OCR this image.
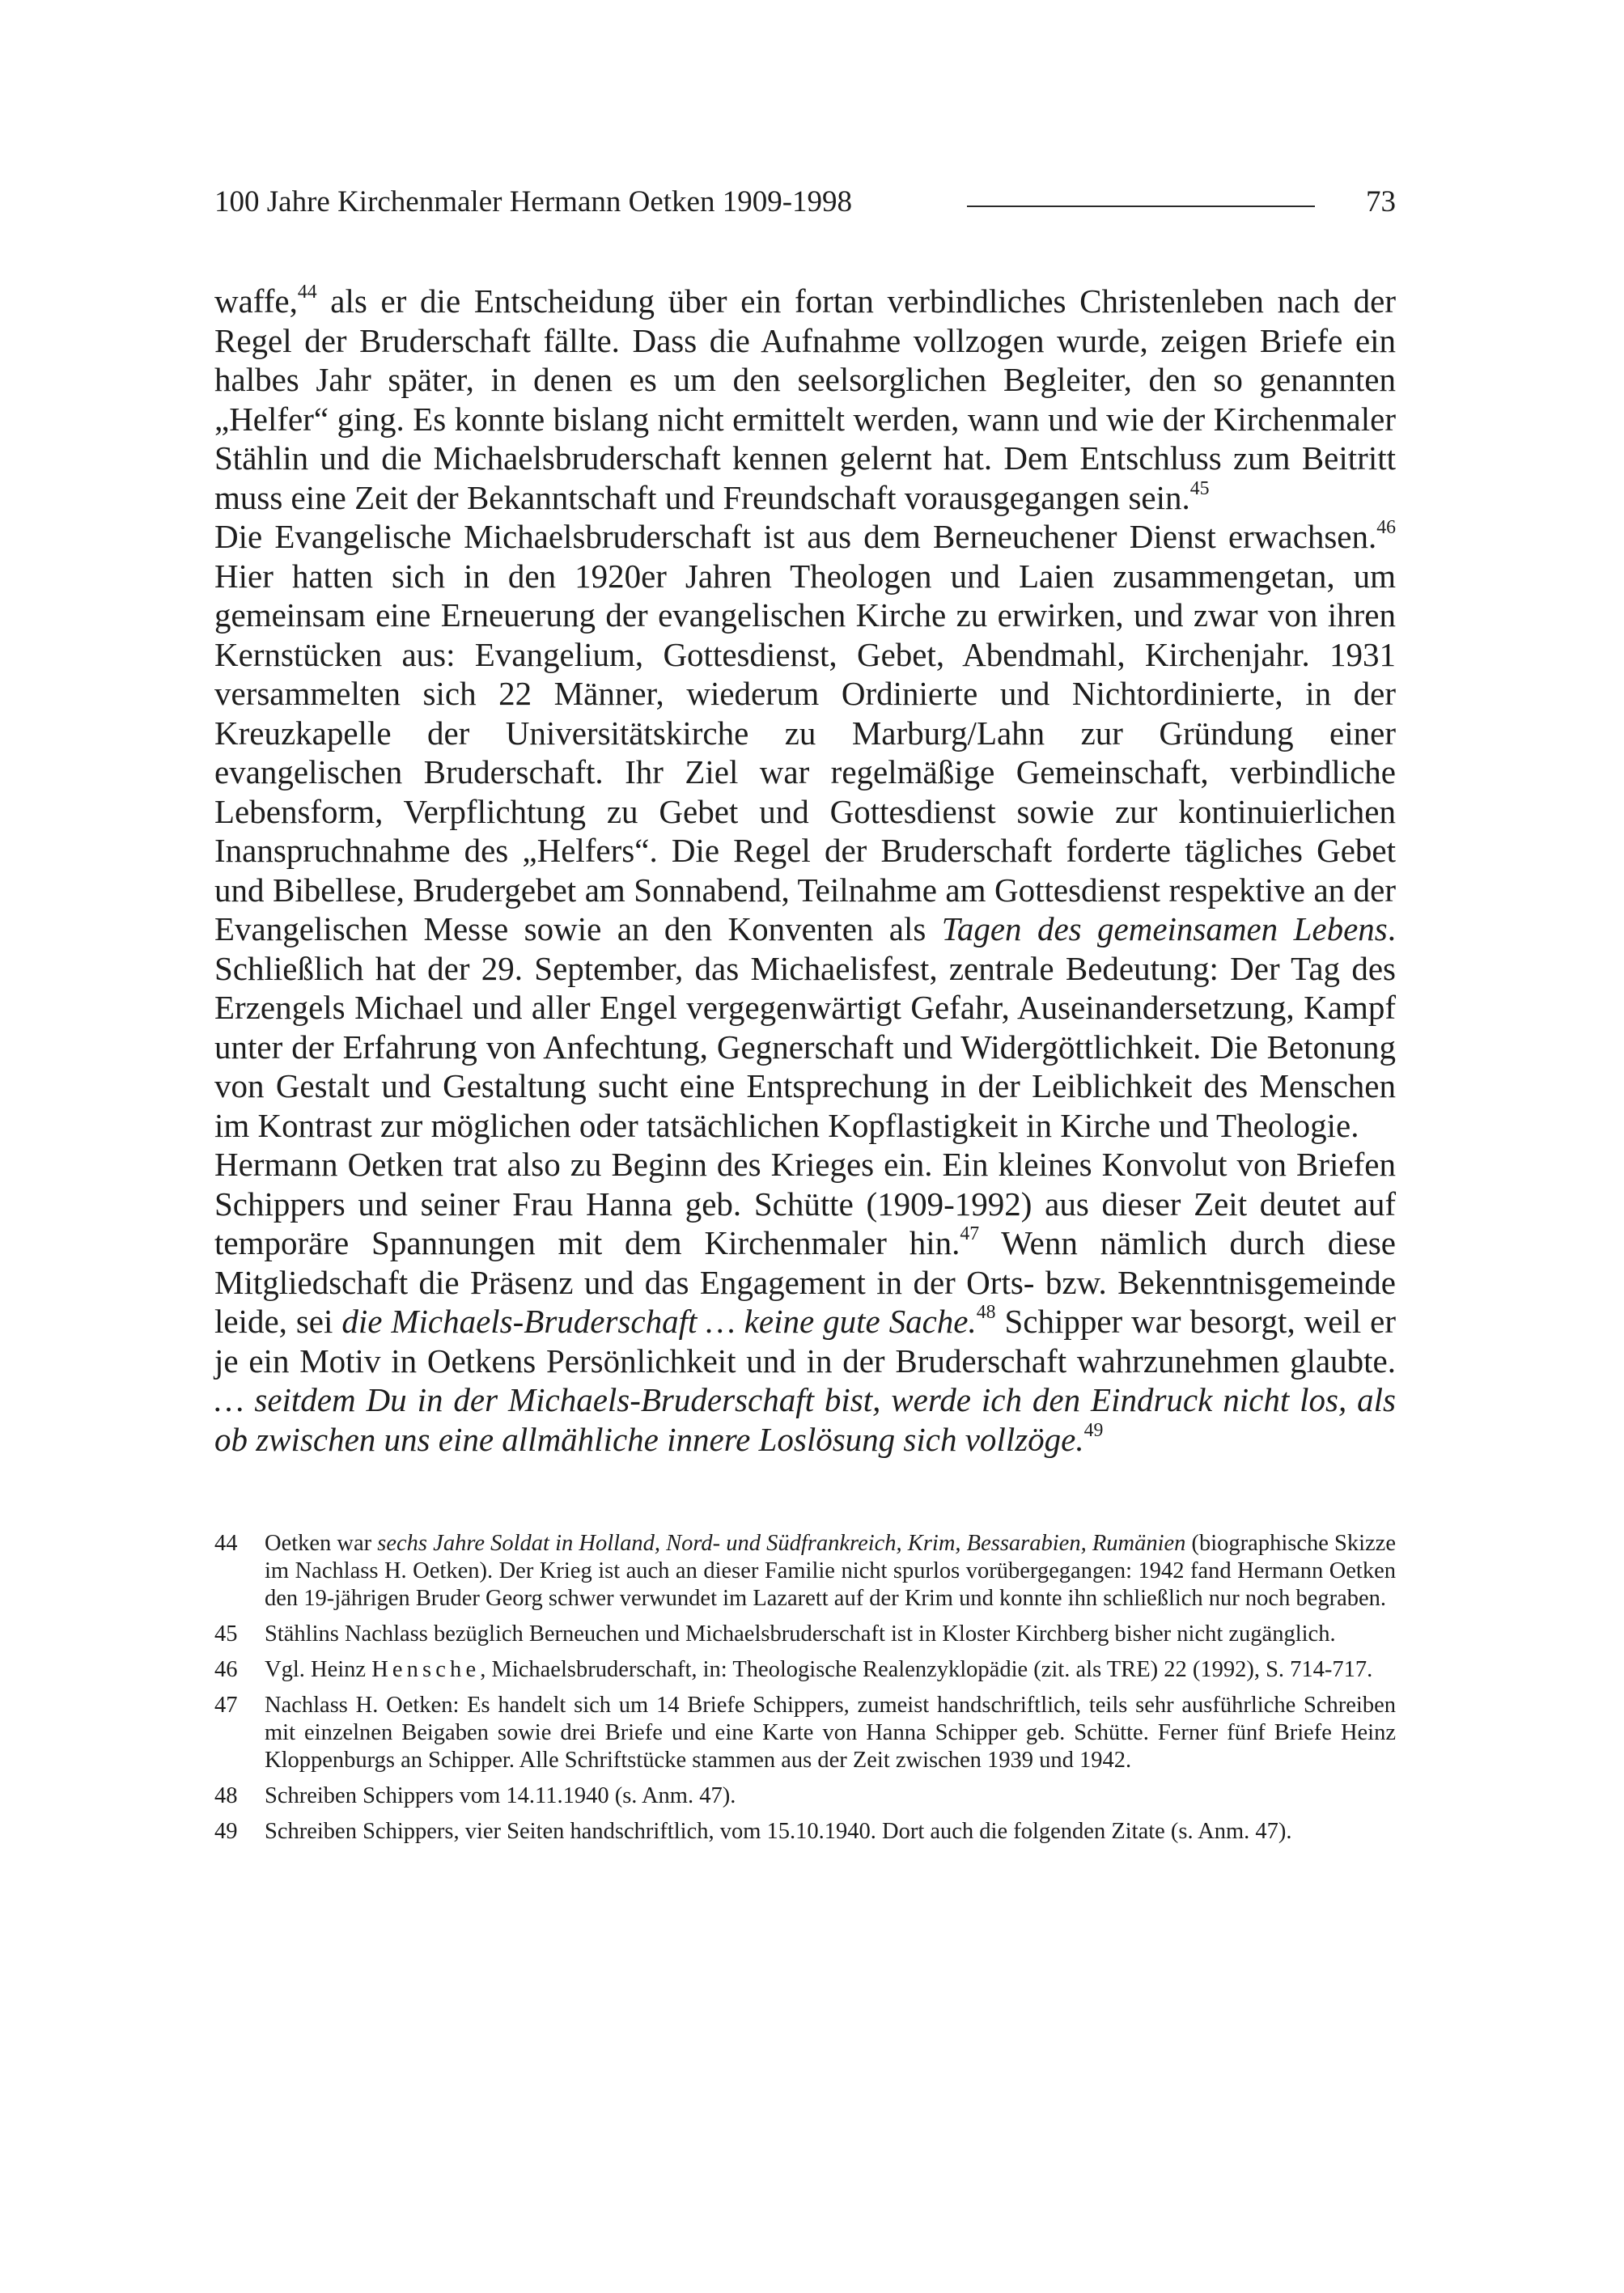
100 Jahre Kirchenmaler Hermann Oetken 1909-1998	73

waffe,$^{44}$ als er die Entscheidung über ein fortan verbindliches Christenleben nach der Regel der Bruderschaft fällte. Dass die Aufnahme vollzogen wurde, zeigen Briefe ein halbes Jahr später, in denen es um den seelsorglichen Begleiter, den so genannten „Helfer“ ging. Es konnte bislang nicht ermittelt werden, wann und wie der Kirchenmaler Stählin und die Michaelsbruderschaft kennen gelernt hat. Dem Entschluss zum Beitritt muss eine Zeit der Bekanntschaft und Freundschaft vorausgegangen sein.$^{45}$

Die Evangelische Michaelsbruderschaft ist aus dem Berneuchener Dienst erwachsen.$^{46}$ Hier hatten sich in den 1920er Jahren Theologen und Laien zusammengetan, um gemeinsam eine Erneuerung der evangelischen Kirche zu erwirken, und zwar von ihren Kernstücken aus: Evangelium, Gottesdienst, Gebet, Abendmahl, Kirchenjahr. 1931 versammelten sich 22 Männer, wiederum Ordinierte und Nichtordinierte, in der Kreuzkapelle der Universitätskirche zu Marburg/Lahn zur Gründung einer evangelischen Bruderschaft. Ihr Ziel war regelmäßige Gemeinschaft, verbindliche Lebensform, Verpflichtung zu Gebet und Gottesdienst sowie zur kontinuierlichen Inanspruchnahme des „Helfers“. Die Regel der Bruderschaft forderte tägliches Gebet und Bibellese, Brudergebet am Sonnabend, Teilnahme am Gottesdienst respektive an der Evangelischen Messe sowie an den Konventen als Tagen des gemeinsamen Lebens. Schließlich hat der 29. September, das Michaelisfest, zentrale Bedeutung: Der Tag des Erzengels Michael und aller Engel vergegenwärtigt Gefahr, Auseinandersetzung, Kampf unter der Erfahrung von Anfechtung, Gegnerschaft und Widergöttlichkeit. Die Betonung von Gestalt und Gestaltung sucht eine Entsprechung in der Leiblichkeit des Menschen im Kontrast zur möglichen oder tatsächlichen Kopflastigkeit in Kirche und Theologie.

Hermann Oetken trat also zu Beginn des Krieges ein. Ein kleines Konvolut von Briefen Schippers und seiner Frau Hanna geb. Schütte (1909-1992) aus dieser Zeit deutet auf temporäre Spannungen mit dem Kirchenmaler hin.$^{47}$ Wenn nämlich durch diese Mitgliedschaft die Präsenz und das Engagement in der Orts- bzw. Bekenntnisgemeinde leide, sei die Michaels-Bruderschaft … keine gute Sache.$^{48}$ Schipper war besorgt, weil er je ein Motiv in Oetkens Persönlichkeit und in der Bruderschaft wahrzunehmen glaubte. … seitdem Du in der Michaels-Bruderschaft bist, werde ich den Eindruck nicht los, als ob zwischen uns eine allmähliche innere Loslösung sich vollzöge.$^{49}$

44 Oetken war sechs Jahre Soldat in Holland, Nord- und Südfrankreich, Krim, Bessarabien, Rumänien (biographische Skizze im Nachlass H. Oetken). Der Krieg ist auch an dieser Familie nicht spurlos vorübergegangen: 1942 fand Hermann Oetken den 19-jährigen Bruder Georg schwer verwundet im Lazarett auf der Krim und konnte ihn schließlich nur noch begraben.
45 Stählins Nachlass bezüglich Berneuchen und Michaelsbruderschaft ist in Kloster Kirchberg bisher nicht zugänglich.
46 Vgl. Heinz Hensche, Michaelsbruderschaft, in: Theologische Realenzyklopädie (zit. als TRE) 22 (1992), S. 714-717.
47 Nachlass H. Oetken: Es handelt sich um 14 Briefe Schippers, zumeist handschriftlich, teils sehr ausführliche Schreiben mit einzelnen Beigaben sowie drei Briefe und eine Karte von Hanna Schipper geb. Schütte. Ferner fünf Briefe Heinz Kloppenburgs an Schipper. Alle Schriftstücke stammen aus der Zeit zwischen 1939 und 1942.
48 Schreiben Schippers vom 14.11.1940 (s. Anm. 47).
49 Schreiben Schippers, vier Seiten handschriftlich, vom 15.10.1940. Dort auch die folgenden Zitate (s. Anm. 47).
